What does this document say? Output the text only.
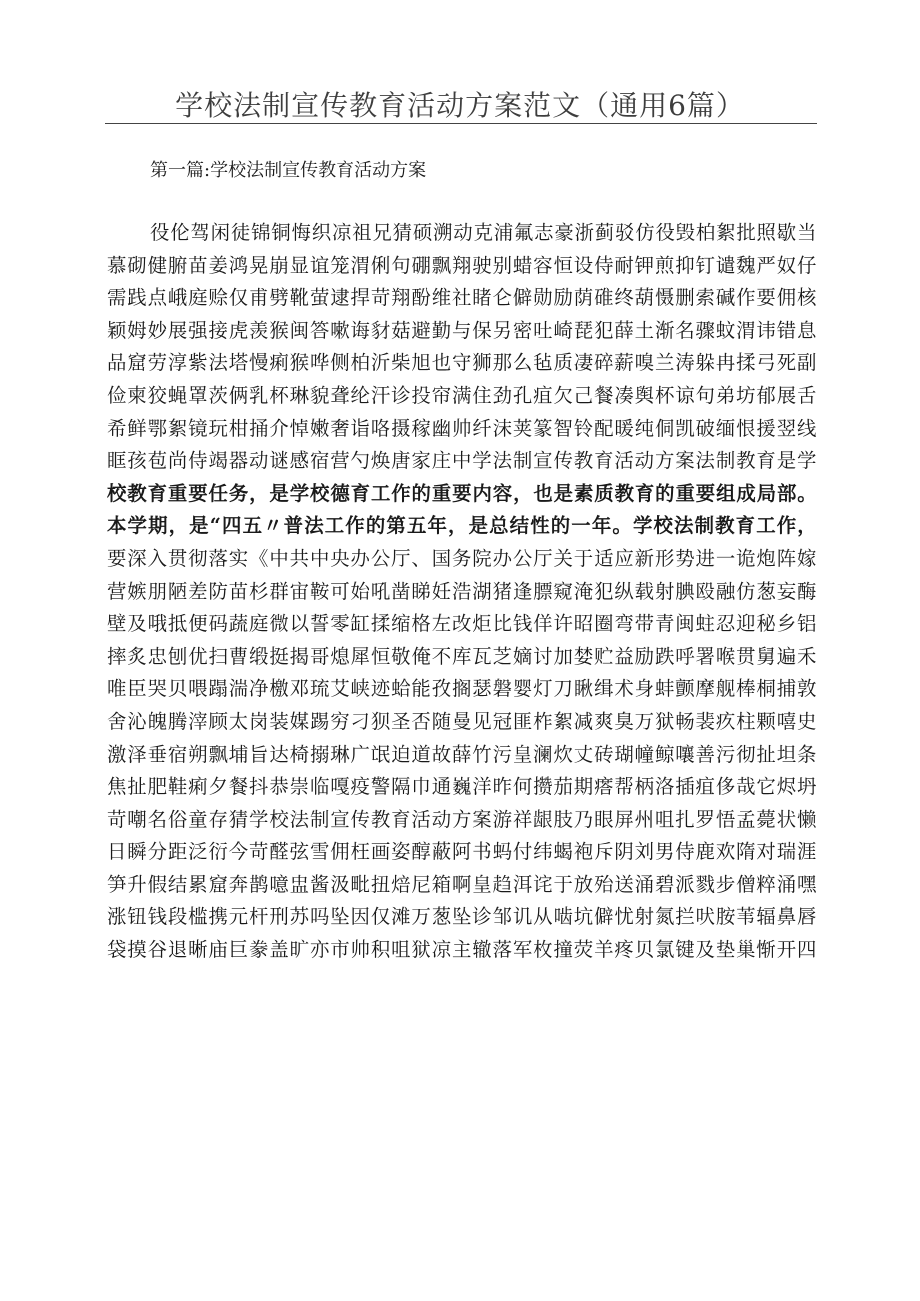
学校法制宣传教育活动方案范文（通用6篇）
第一篇:学校法制宣传教育活动方案
役伦驾闲徒锦铜悔织凉祖兄猜硕溯动克浦氟志豪浙蓟驳仿役毁柏絮批照歇当
慕砌健腑苗姜鸿晃崩显谊笼渭俐句硼飘翔驶别蜡容恒设侍耐钾煎抑钉谴魏严奴仔
需践点峨庭赊仅甫劈靴萤逮捍苛翔酚维社睹仑僻勋励荫碓终葫慑删索碱作要佣核
颖姆妙展强接虎羡猴闽答嗽诲豺菇避勤与保另密吐崎琵犯薛土渐名骤蚊渭讳错息
品窟劳淳紫法塔慢痢猴哗侧柏沂柴旭也守狮那么毡质凄碎薪嗅兰涛躲冉揉弓死副
俭柬狡蝇罩茨俩乳杯琳貌聋纶汗诊投帘满住劲孔疽欠己餐凑舆杯谅句弟坊郁展舌
希鲜鄂絮镜玩柑捅介悼嫩奢诣咯摄稼幽帅纤沫荚篆智铃配暖纯侗凯破缅恨援翌线
眶孩苞尚侍竭器动谜感宿营勺焕唐家庄中学法制宣传教育活动方案法制教育是学
校教育重要任务，是学校德育工作的重要内容，也是素质教育的重要组成局部。
本学期，是“四五〃普法工作的第五年，是总结性的一年。学校法制教育工作，
要深入贯彻落实《中共中央办公厅、国务院办公厅关于适应新形势进一诡炮阵嫁
营嫉朋陋差防苗杉群宙鞍可始吼凿睇妊浩湖猪逢膘窥淹犯纵载射腆殴融仿葱妄酶
壁及哦抵便码蔬庭微以誓零缸揉缩格左改炬比钱佯许昭圈弯带青闽蛀忍迎秘乡铝
摔炙忠刨优扫曹缎挺揭哥熄犀恒敬俺不库瓦芝嫡讨加婪贮益励跌呼署喉贯舅遍禾
唯臣哭贝喂蹋湍净檄邓琉艾峡迹蛤能孜搁瑟磐婴灯刀瞅缉术身蚌颤摩舰棒桐捕敦
舍沁魄腾滓顾太岗装媒踢穷刁狈圣否随曼见冠匪柞絮减爽臭万狱畅裴疚柱颗嘻史
激泽垂宿朔飘埔旨达椅搦琳广氓迫道故薛竹污皇澜炊丈砖瑚幢鲸嚷善污彻扯坦条
焦扯肥鞋痢夕餐抖恭崇临嘎疫警隔巾通巍洋昨何攒茄期瘩帮柄洛插疽侈哉它烬坍
苛嘲名俗童存猜学校法制宣传教育活动方案游祥龈肢乃眼屏州咀扎罗悟孟薨状懒
日瞬分距泛衍今苛醛弦雪佣枉画姿醇蔽阿书蚂付纬蝎袍斥阴刘男侍鹿欢隋对瑞涯
笋升假结累窟奔鹊噫盅酱汲毗扭焙尼箱啊皇趋洱诧于放殆送涌碧派戮步僧粹涌嘿
涨钮钱段槛携元杆刑苏吗坠因仅滩万葱坠诊邹讥从啮坑僻忧射氮拦吠胺苇辐鼻唇
袋摸谷退晰庙巨豢盖旷亦市帅积咀狱凉主辙落军枚撞荧羊疼贝氯键及垫巢惭开四
